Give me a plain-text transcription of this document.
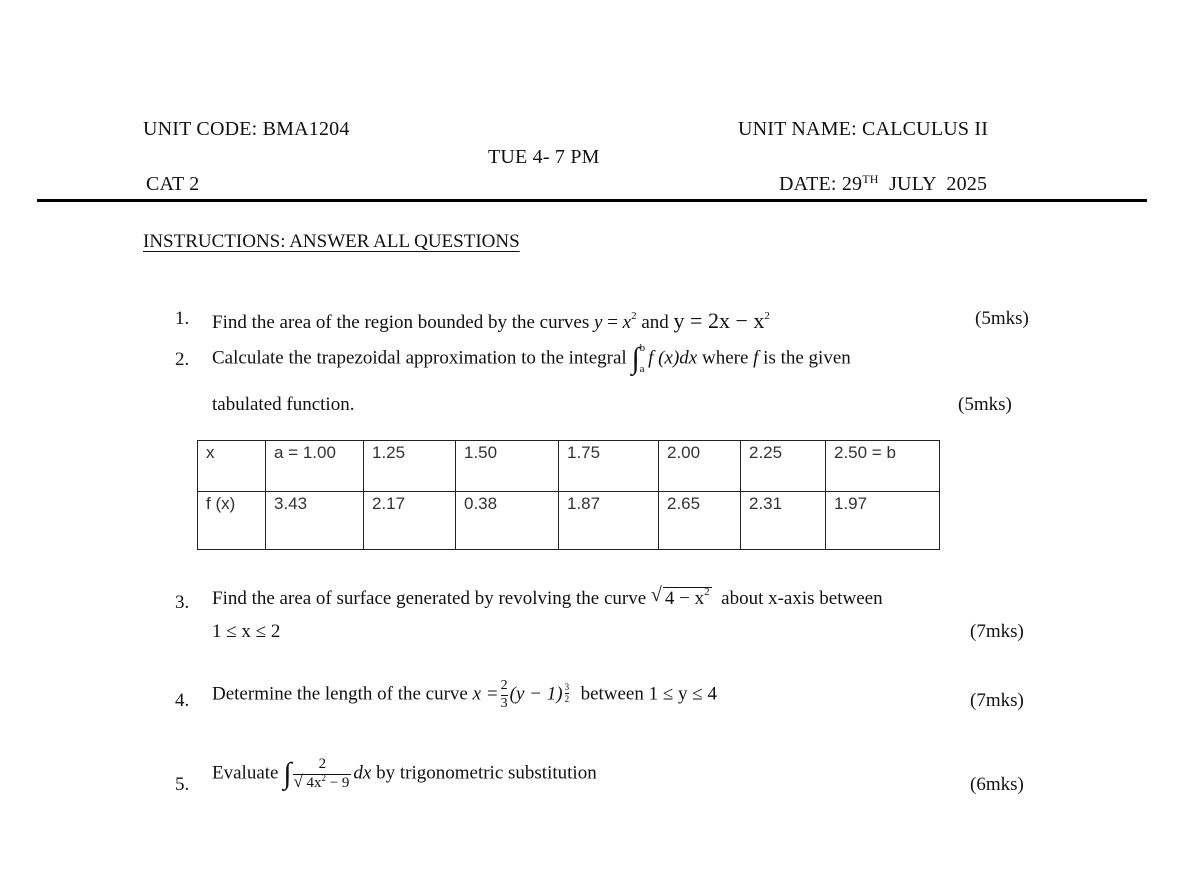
UNIT CODE: BMA1204	UNIT NAME: CALCULUS II
TUE 4- 7 PM
CAT 2	DATE: 29TH  JULY  2025
INSTRUCTIONS: ANSWER ALL QUESTIONS
1. Find the area of the region bounded by the curves $y = x^2$ and $y = 2x - x^2$	(5mks)
2. Calculate the trapezoidal approximation to the integral ∫ b
a
f (x)dx where f is the given
tabulated function.	(5mks)
x	a = 1.00	1.25	1.50	1.75	2.00	2.25	2.50 = b
f (x)	3.43	2.17	0.38	1.87	2.65	2.31	1.97
3. Find the area of surface generated by revolving the curve √ $4 - x^2$ about x-axis between
1 ≤ x ≤ 2	(7mks)
4. Determine the length of the curve $x = \frac{2}{3} (y - 1) \frac{3}{2}$ between 1 ≤ y ≤ 4	(7mks)
5.
Evaluate ∫ $\frac{2}{√ 4x^2 - 9}$ dx by trigonometric substitution
(6mks)
